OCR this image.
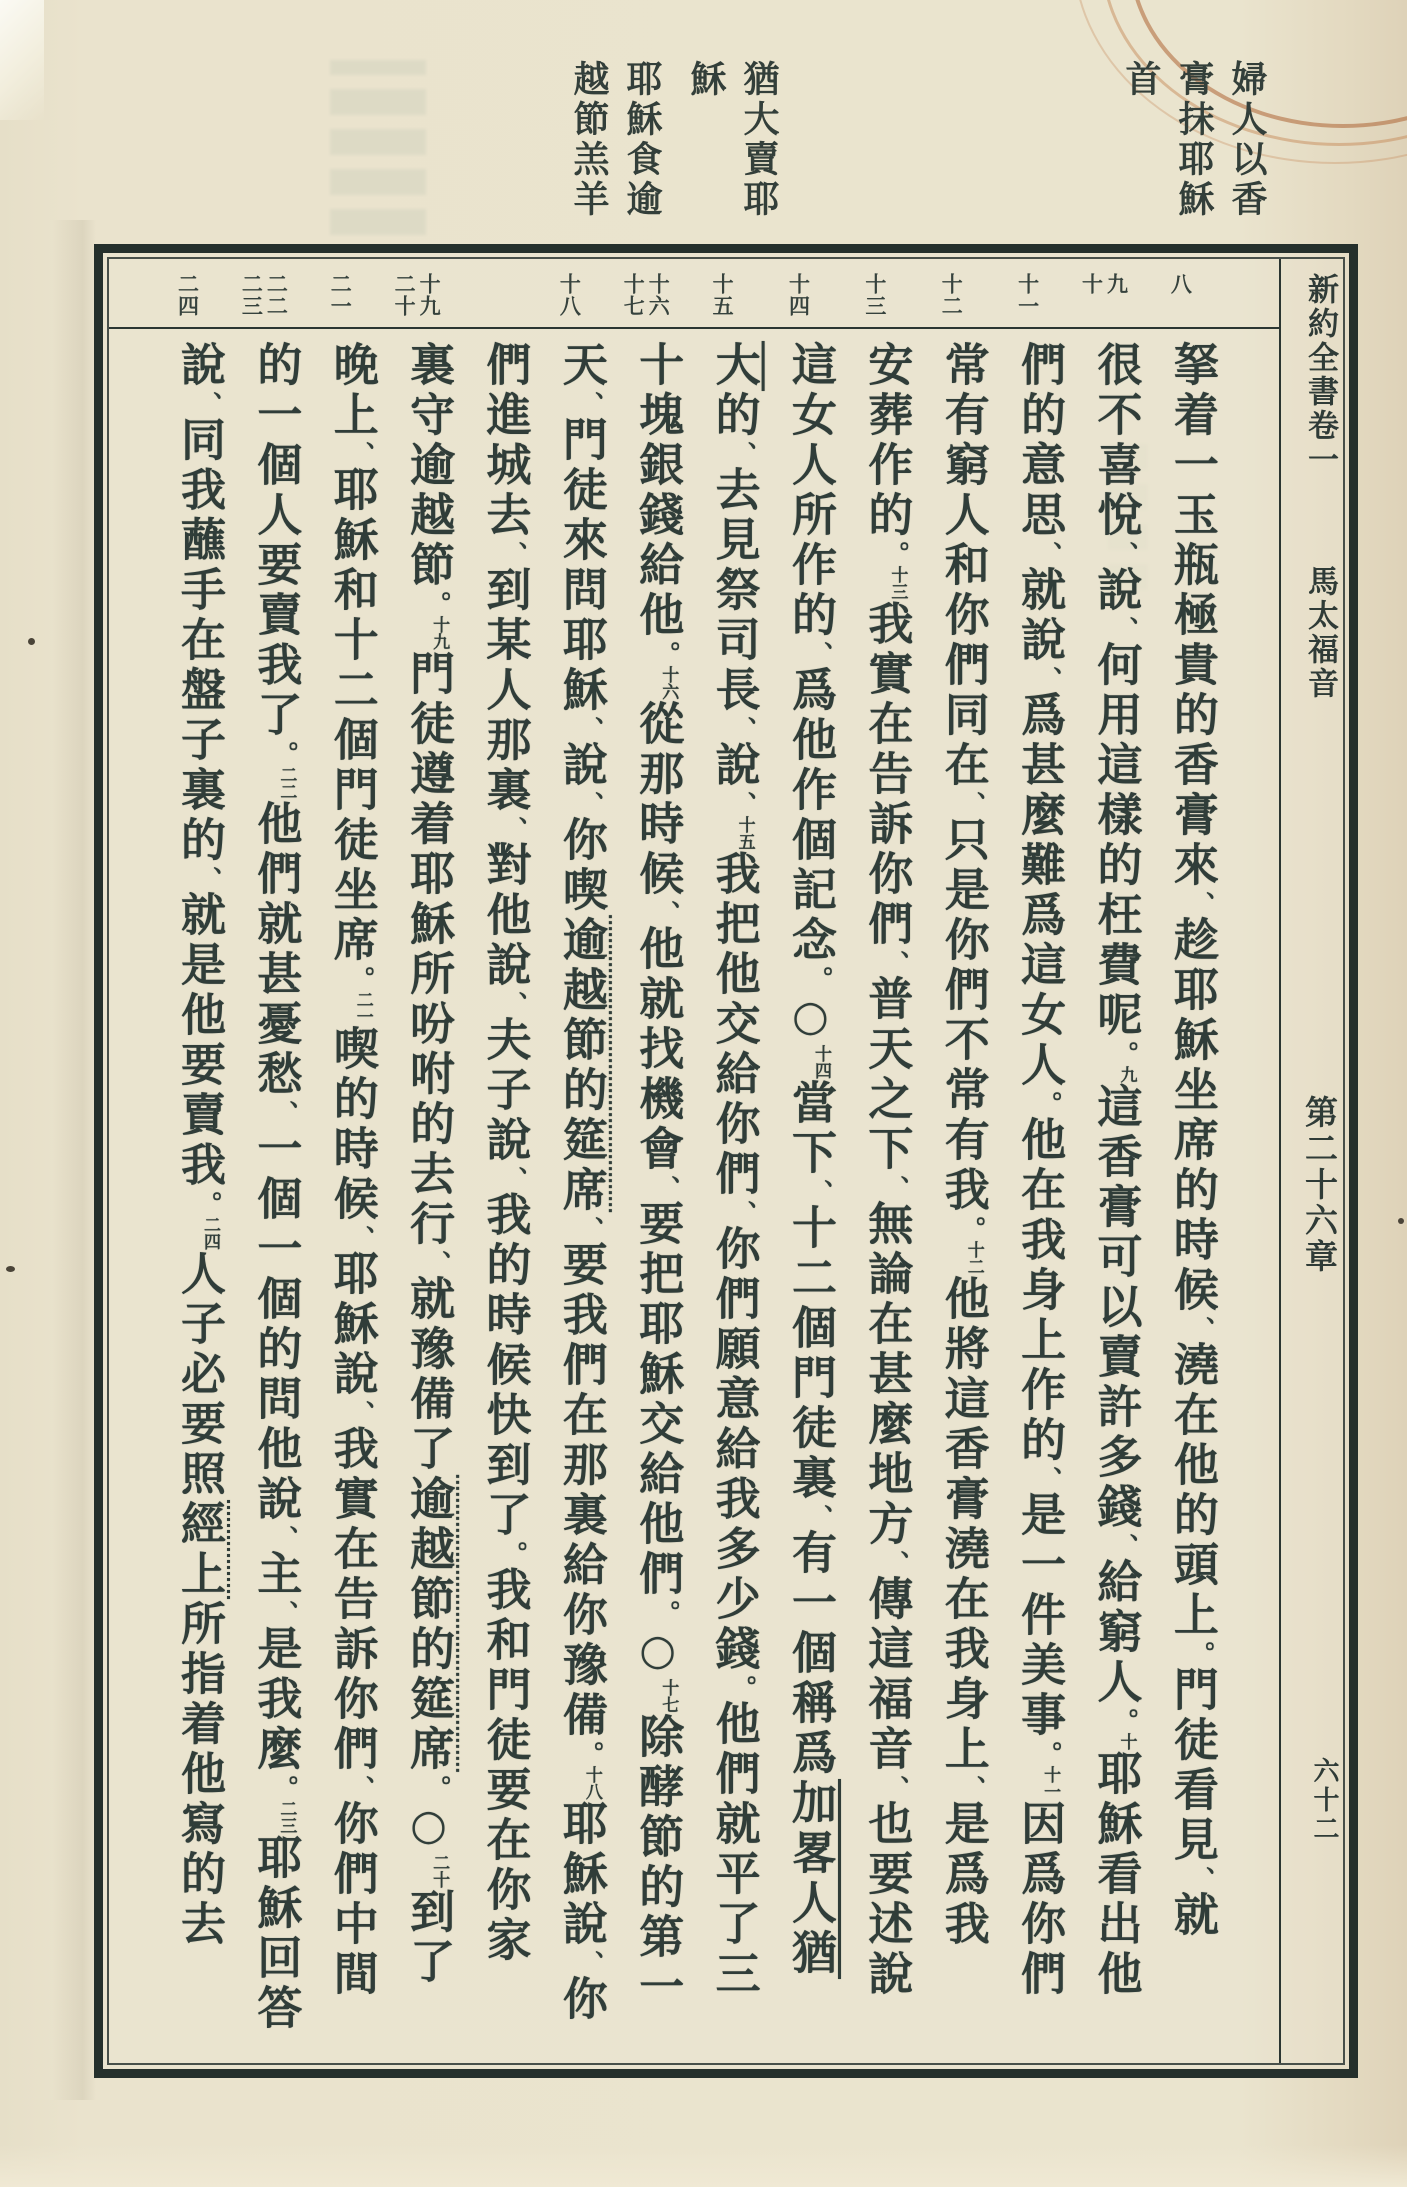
婦人以香
膏抹耶穌
首
猶大賣耶
穌
耶穌食逾
越節羔羊
新約全書卷一
馬太福音
第二十六章
六十二
八
九
十
十一
十二
十三
十四
十五
十六
十七
十八
十九
二十
二一
二二
二三
二四
拏着一玉瓶極貴的香膏來、趁耶穌坐席的時候、澆在他的頭上。門徒看見、就
很不喜悅、說、何用這樣的枉費呢。九這香膏可以賣許多錢、給窮人。十耶穌看出他
們的意思、就說、爲甚麼難爲這女人。他在我身上作的、是一件美事。十一因爲你們
常有窮人和你們同在、只是你們不常有我。十二他將這香膏澆在我身上、是爲我
安葬作的。十三我實在告訴你們、普天之下、無論在甚麼地方、傳這福音、也要述說
這女人所作的、爲他作個記念。○十四當下、十二個門徒裏、有一個稱爲加畧人猶
大的、去見祭司長、說、十五我把他交給你們、你們願意給我多少錢。他們就平了三
十塊銀錢給他。十六從那時候、他就找機會、要把耶穌交給他們。○十七除酵節的第一
天、門徒來問耶穌、說、你喫逾越節的筵席、要我們在那裏給你豫備。十八耶穌說、你
們進城去、到某人那裏、對他說、夫子說、我的時候快到了。我和門徒要在你家
裏守逾越節。十九門徒遵着耶穌所吩咐的去行、就豫備了逾越節的筵席。○二十到了
晚上、耶穌和十二個門徒坐席。二一喫的時候、耶穌說、我實在告訴你們、你們中間
的一個人要賣我了。二二他們就甚憂愁、一個一個的問他說、主、是我麼。二三耶穌回答
說、同我蘸手在盤子裏的、就是他要賣我。二四人子必要照經上所指着他寫的去
